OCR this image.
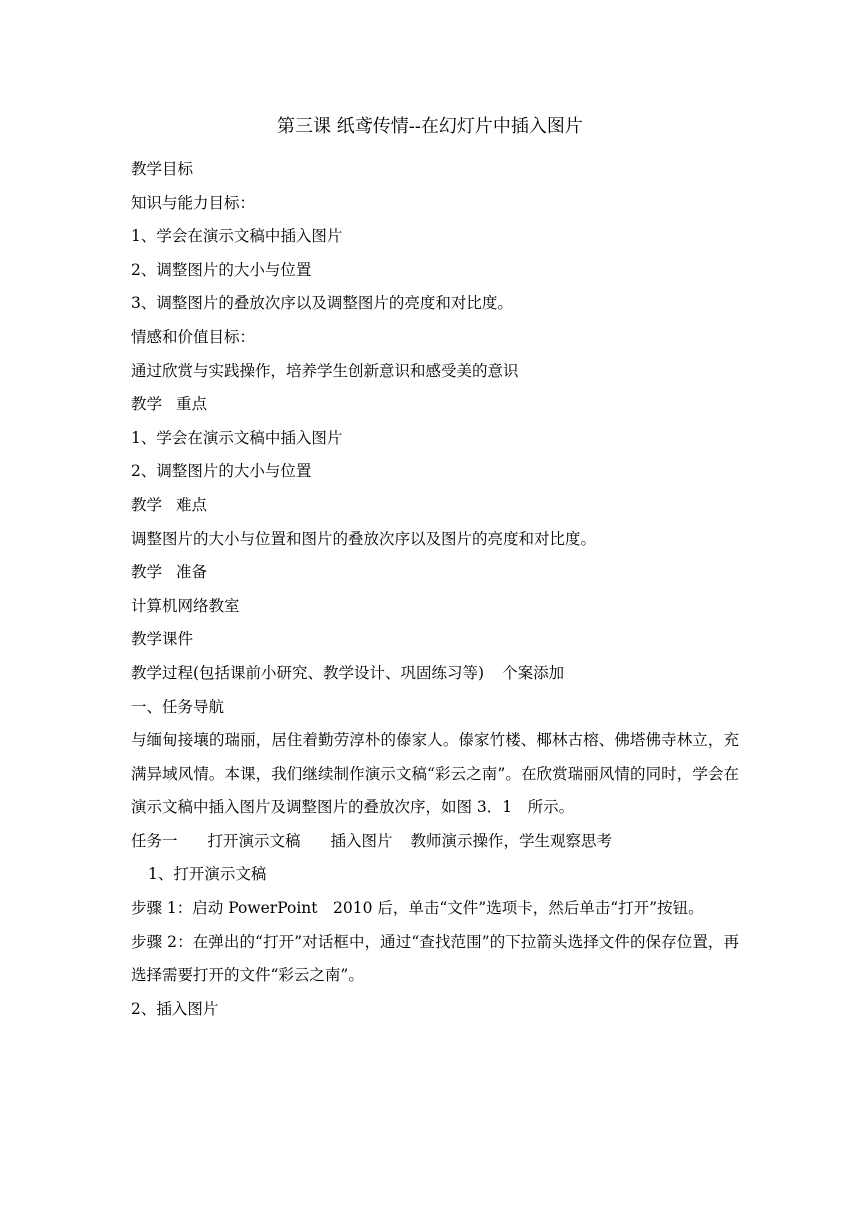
第三课 纸鸢传情--在幻灯片中插入图片
教学目标
知识与能力目标：
1、学会在演示文稿中插入图片
2、调整图片的大小与位置
3、调整图片的叠放次序以及调整图片的亮度和对比度。
情感和价值目标：
通过欣赏与实践操作，培养学生创新意识和感受美的意识
教学 重点
1、学会在演示文稿中插入图片
2、调整图片的大小与位置
教学 难点
调整图片的大小与位置和图片的叠放次序以及图片的亮度和对比度。
教学 准备
计算机网络教室
教学课件
教学过程(包括课前小研究、教学设计、巩固练习等) 个案添加
一、任务导航
与缅甸接壤的瑞丽，居住着勤劳淳朴的傣家人。傣家竹楼、椰林古榕、佛塔佛寺林立，充满异域风情。本课，我们继续制作演示文稿“彩云之南”。在欣赏瑞丽风情的同时，学会在演示文稿中插入图片及调整图片的叠放次序，如图 3．1　所示。
任务一 打开演示文稿 插入图片 教师演示操作，学生观察思考
1、打开演示文稿
步骤 1：启动 PowerPoint　2010 后，单击“文件”选项卡，然后单击“打开”按钮。
步骤 2：在弹出的“打开”对话框中，通过“查找范围”的下拉箭头选择文件的保存位置，再选择需要打开的文件“彩云之南”。
2、插入图片
